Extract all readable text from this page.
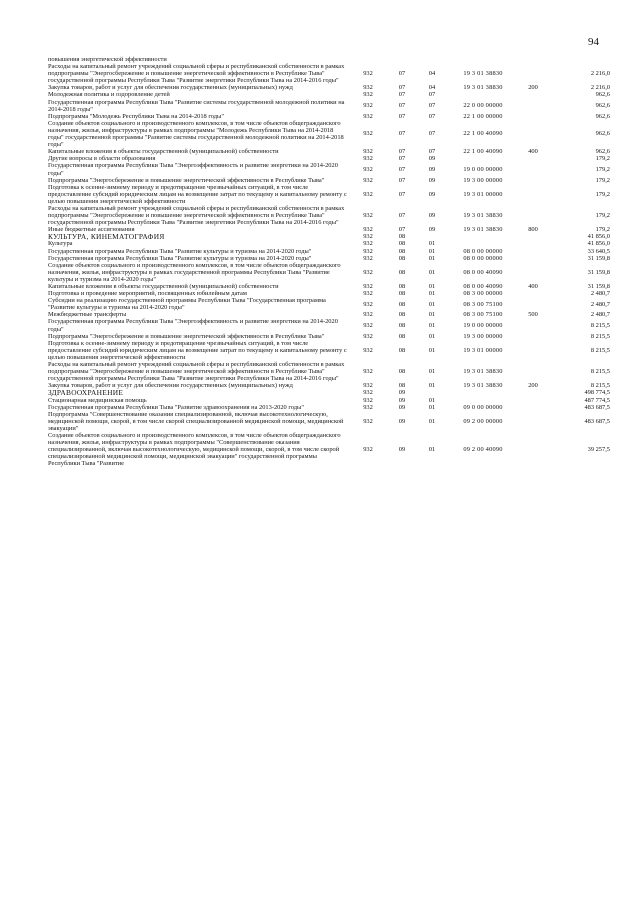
94
повышения энергетической эффективности						
Расходы на капитальный ремонт учреждений социальной сферы и республиканской собственности в рамках подпрограммы "Энергосбережение и повышение энергетической эффективности в Республике Тыва" государственной программы Республики Тыва "Развитие энергетики Республики Тыва на 2014-2016 годы"	932	07	04	19 3 01 38830		2 216,0
Закупка товаров, работ и услуг для обеспечения государственных (муниципальных) нужд	932	07	04	19 3 01 38830	200	2 216,0
Молодежная политика и оздоровление детей	932	07	07			962,6
Государственная программа Республики Тыва "Развитие системы государственной молодежной политики на 2014-2018 годы"	932	07	07	22 0 00 00000		962,6
Подпрограмма "Молодежь Республики Тыва на 2014-2018 годы"	932	07	07	22 1 00 00000		962,6
Создание объектов социального и производственного комплексов, в том числе объектов общегражданского назначения, жилья, инфраструктуры в рамках подпрограммы "Молодежь Республики Тыва на 2014-2018 годы" государственной программы "Развитие системы государственной молодежной политики на 2014-2018 годы"	932	07	07	22 1 00 40090		962,6
Капитальные вложения в объекты государственной (муниципальной) собственности	932	07	07	22 1 00 40090	400	962,6
Другие вопросы в области образования	932	07	09			179,2
Государственная программа Республики Тыва "Энергоэффективность и развитие энергетики на 2014-2020 годы"	932	07	09	19 0 00 00000		179,2
Подпрограмма "Энергосбережение и повышение энергетической эффективности в Республике Тыва"	932	07	09	19 3 00 00000		179,2
Подготовка к осенне-зимнему периоду и предотвращение чрезвычайных ситуаций, в том числе предоставление субсидий юридическим лицам на возмещение затрат по текущему и капитальному ремонту с целью повышения энергетической эффективности	932	07	09	19 3 01 00000		179,2
Расходы на капитальный ремонт учреждений социальной сферы и республиканской собственности в рамках подпрограммы "Энергосбережение и повышение энергетической эффективности в Республике Тыва" государственной программы Республики Тыва "Развитие энергетики Республики Тыва на 2014-2016 годы"	932	07	09	19 3 01 38830		179,2
Иные бюджетные ассигнования	932	07	09	19 3 01 38830	800	179,2
КУЛЬТУРА, КИНЕМАТОГРАФИЯ	932	08				41 856,0
Культура	932	08	01			41 856,0
Государственная программа Республики Тыва "Развитие культуры и туризма на 2014-2020 годы"	932	08	01	08 0 00 00000		33 640,5
Государственная программа Республики Тыва "Развитие культуры и туризма на 2014-2020 годы"	932	08	01	08 0 00 00000		31 159,8
Создание объектов социального и производственного комплексов, в том числе объектов общегражданского назначения, жилья, инфраструктуры в рамках государственной программы Республики Тыва "Развитие культуры и туризма на 2014-2020 годы"	932	08	01	08 0 00 40090		31 159,8
Капитальные вложения в объекты государственной (муниципальной) собственности	932	08	01	08 0 00 40090	400	31 159,8
Подготовка и проведение мероприятий, посвященных юбилейным датам	932	08	01	08 3 00 00000		2 480,7
Субсидии на реализацию государственной программы Республики Тыва "Государственная программа "Развитие культуры и туризма на 2014-2020 годы"	932	08	01	08 3 00 75100		2 480,7
Межбюджетные трансферты	932	08	01	08 3 00 75100	500	2 480,7
Государственная программа Республики Тыва "Энергоэффективность и развитие энергетики на 2014-2020 годы"	932	08	01	19 0 00 00000		8 215,5
Подпрограмма "Энергосбережение и повышение энергетической эффективности в Республике Тыва"	932	08	01	19 3 00 00000		8 215,5
Подготовка к осенне-зимнему периоду и предотвращение чрезвычайных ситуаций, в том числе предоставление субсидий юридическим лицам на возмещение затрат по текущему и капитальному ремонту с целью повышения энергетической эффективности	932	08	01	19 3 01 00000		8 215,5
Расходы на капитальный ремонт учреждений социальной сферы и республиканской собственности в рамках подпрограммы "Энергосбережение и повышение энергетической эффективности в Республике Тыва" государственной программы Республики Тыва "Развитие энергетики Республики Тыва на 2014-2016 годы"	932	08	01	19 3 01 38830		8 215,5
Закупка товаров, работ и услуг для обеспечения государственных (муниципальных) нужд	932	08	01	19 3 01 38830	200	8 215,5
ЗДРАВООХРАНЕНИЕ	932	09				498 774,5
Стационарная медицинская помощь	932	09	01			487 774,5
Государственная программа Республики Тыва "Развитие здравоохранения на 2013-2020 годы"	932	09	01	09 0 00 00000		483 687,5
Подпрограмма "Совершенствование оказания специализированной, включая высокотехнологическую, медицинской помощи, скорой, в том числе скорой специализированной медицинской помощи, медицинской эвакуации"	932	09	01	09 2 00 00000		483 687,5
Создание объектов социального и производственного комплексов, в том числе объектов общегражданского назначения, жилья, инфраструктуры в рамках подпрограммы "Совершенствование оказания специализированной, включая высокотехнологическую, медицинской помощи, скорой, в том числе скорой специализированной медицинской помощи, медицинской эвакуации" государственной программы Республики Тыва "Развитие	932	09	01	09 2 00 40090		39 257,5
